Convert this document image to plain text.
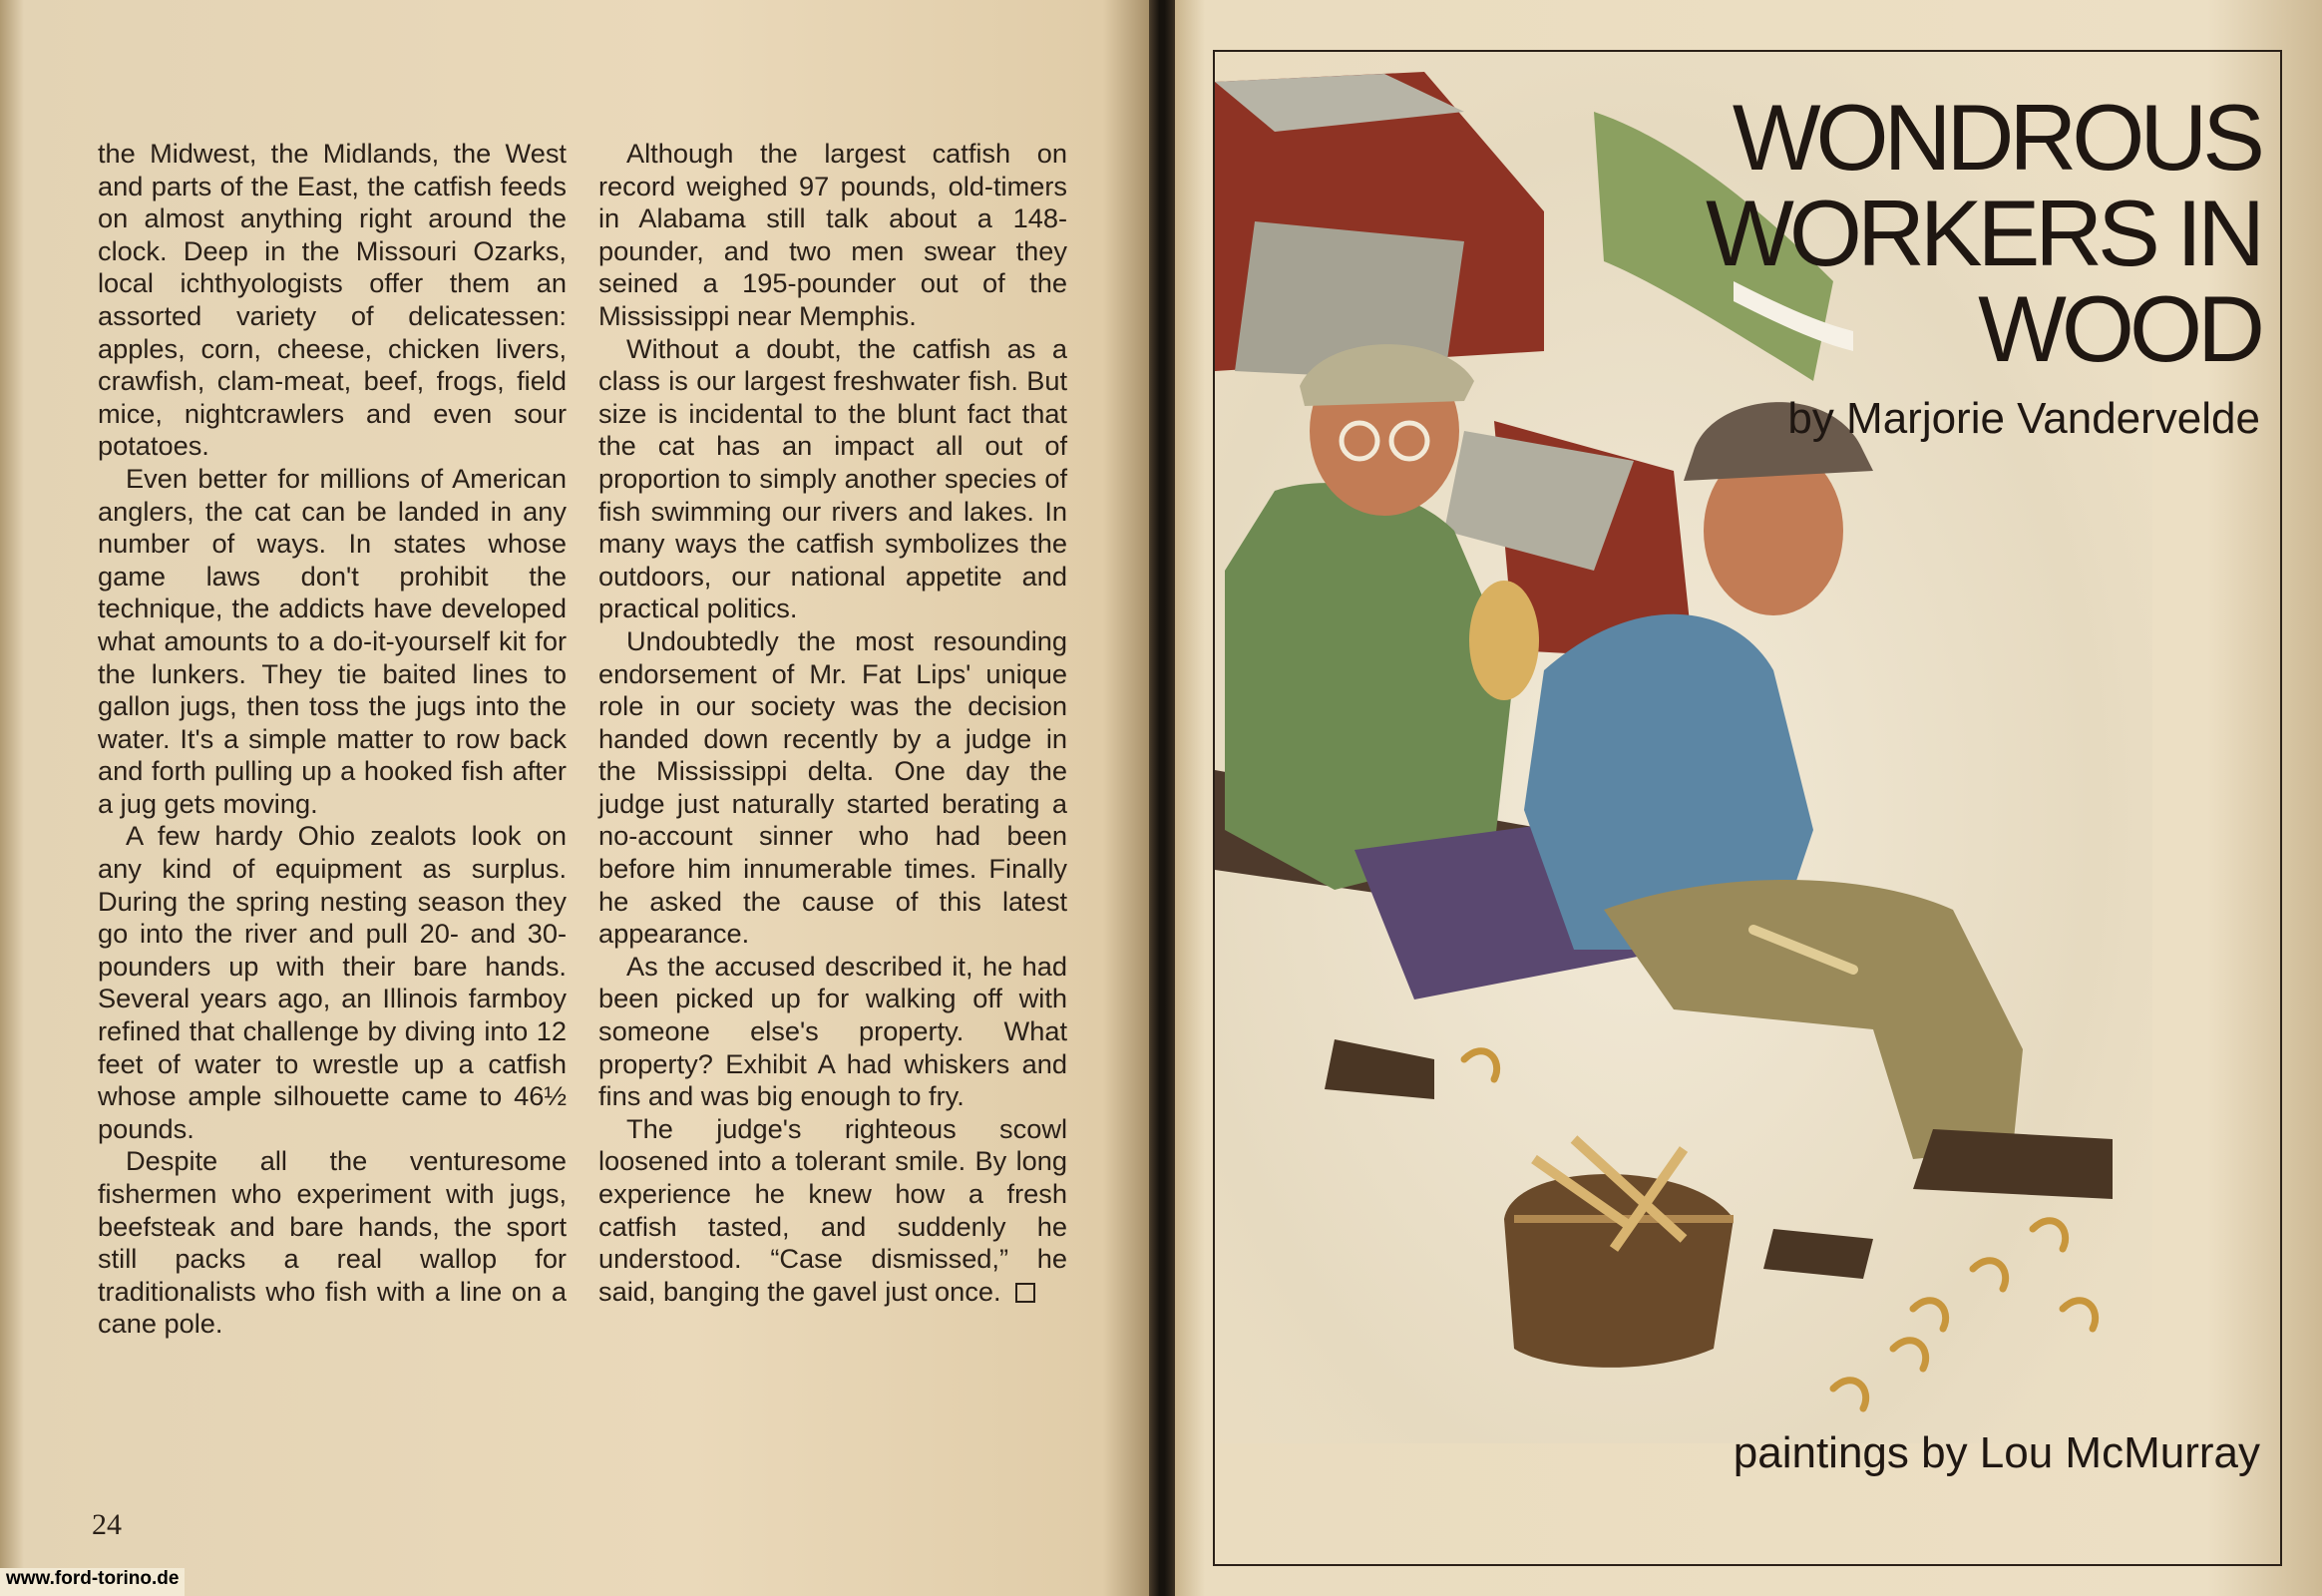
the Midwest, the Midlands, the West and parts of the East, the catfish feeds on almost anything right around the clock. Deep in the Missouri Ozarks, local ichthyologists offer them an assorted variety of delicatessen: apples, corn, cheese, chicken livers, crawfish, clam-meat, beef, frogs, field mice, nightcrawlers and even sour potatoes.

Even better for millions of American anglers, the cat can be landed in any number of ways. In states whose game laws don't prohibit the technique, the addicts have developed what amounts to a do-it-yourself kit for the lunkers. They tie baited lines to gallon jugs, then toss the jugs into the water. It's a simple matter to row back and forth pulling up a hooked fish after a jug gets moving.

A few hardy Ohio zealots look on any kind of equipment as surplus. During the spring nesting season they go into the river and pull 20- and 30-pounders up with their bare hands. Several years ago, an Illinois farmboy refined that challenge by diving into 12 feet of water to wrestle up a catfish whose ample silhouette came to 46½ pounds.

Despite all the venturesome fishermen who experiment with jugs, beefsteak and bare hands, the sport still packs a real wallop for traditionalists who fish with a line on a cane pole.

Although the largest catfish on record weighed 97 pounds, old-timers in Alabama still talk about a 148-pounder, and two men swear they seined a 195-pounder out of the Mississippi near Memphis.

Without a doubt, the catfish as a class is our largest freshwater fish. But size is incidental to the blunt fact that the cat has an impact all out of proportion to simply another species of fish swimming our rivers and lakes. In many ways the catfish symbolizes the outdoors, our national appetite and practical politics.

Undoubtedly the most resounding endorsement of Mr. Fat Lips' unique role in our society was the decision handed down recently by a judge in the Mississippi delta. One day the judge just naturally started berating a no-account sinner who had been before him innumerable times. Finally he asked the cause of this latest appearance.

As the accused described it, he had been picked up for walking off with someone else's property. What property? Exhibit A had whiskers and fins and was big enough to fry.

The judge's righteous scowl loosened into a tolerant smile. By long experience he knew how a fresh catfish tasted, and suddenly he understood. “Case dismissed,” he said, banging the gavel just once.

24
www.ford-torino.de
WONDROUS
WORKERS IN
WOOD
by Marjorie Vandervelde
paintings by Lou McMurray
